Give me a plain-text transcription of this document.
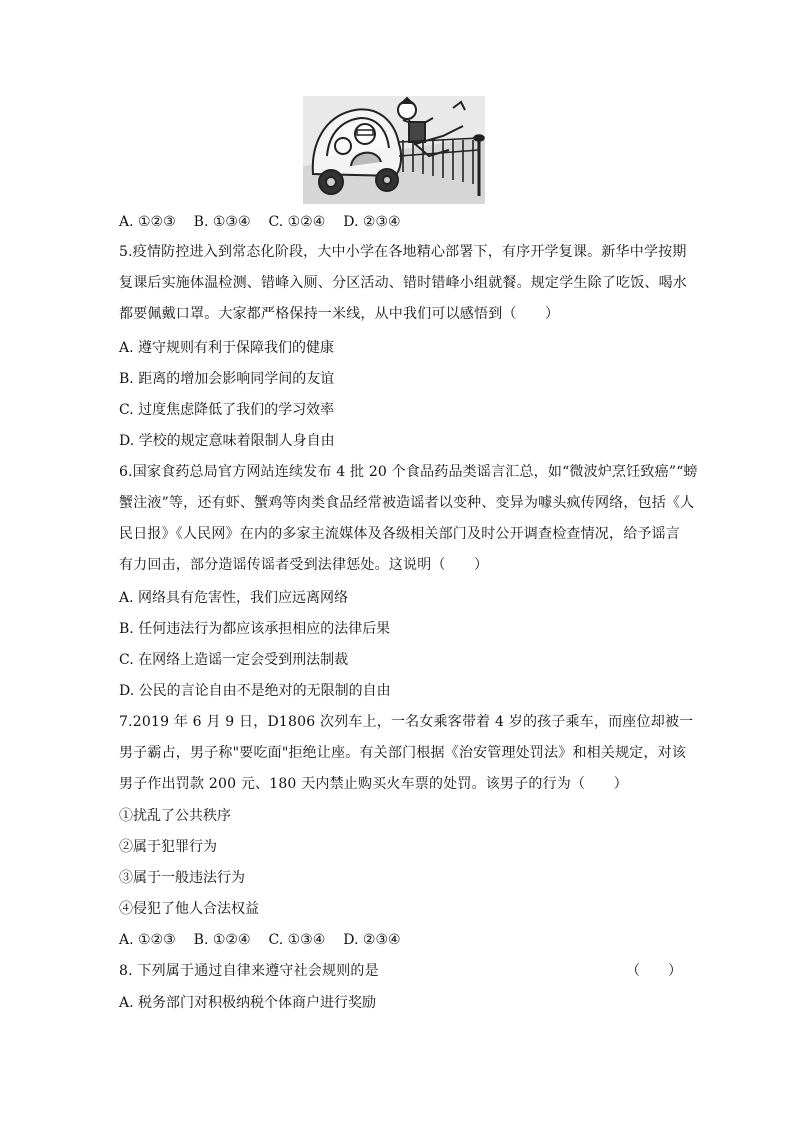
A. ①②③ B. ①③④ C. ①②④ D. ②③④
5.疫情防控进入到常态化阶段，大中小学在各地精心部署下，有序开学复课。新华中学按期
复课后实施体温检测、错峰入厕、分区活动、错时错峰小组就餐。规定学生除了吃饭、喝水
都要佩戴口罩。大家都严格保持一米线，从中我们可以感悟到（　　）
A. 遵守规则有利于保障我们的健康
B. 距离的增加会影响同学间的友谊
C. 过度焦虑降低了我们的学习效率
D. 学校的规定意味着限制人身自由
6.国家食药总局官方网站连续发布 4 批 20 个食品药品类谣言汇总，如“微波炉烹饪致癌”“螃
蟹注液”等，还有虾、蟹鸡等肉类食品经常被造谣者以变种、变异为噱头疯传网络，包括《人
民日报》《人民网》在内的多家主流媒体及各级相关部门及时公开调查检查情况，给予谣言
有力回击，部分造谣传谣者受到法律惩处。这说明（　　）
A. 网络具有危害性，我们应远离网络
B. 任何违法行为都应该承担相应的法律后果
C. 在网络上造谣一定会受到刑法制裁
D. 公民的言论自由不是绝对的无限制的自由
7.2019 年 6 月 9 日，D1806 次列车上，一名女乘客带着 4 岁的孩子乘车，而座位却被一
男子霸占，男子称"要吃面"拒绝让座。有关部门根据《治安管理处罚法》和相关规定，对该
男子作出罚款 200 元、180 天内禁止购买火车票的处罚。该男子的行为（　　）
①扰乱了公共秩序
②属于犯罪行为
③属于一般违法行为
④侵犯了他人合法权益
A. ①②③ B. ①②④ C. ①③④ D. ②③④
8. 下列属于通过自律来遵守社会规则的是	（　　）
A. 税务部门对积极纳税个体商户进行奖励
